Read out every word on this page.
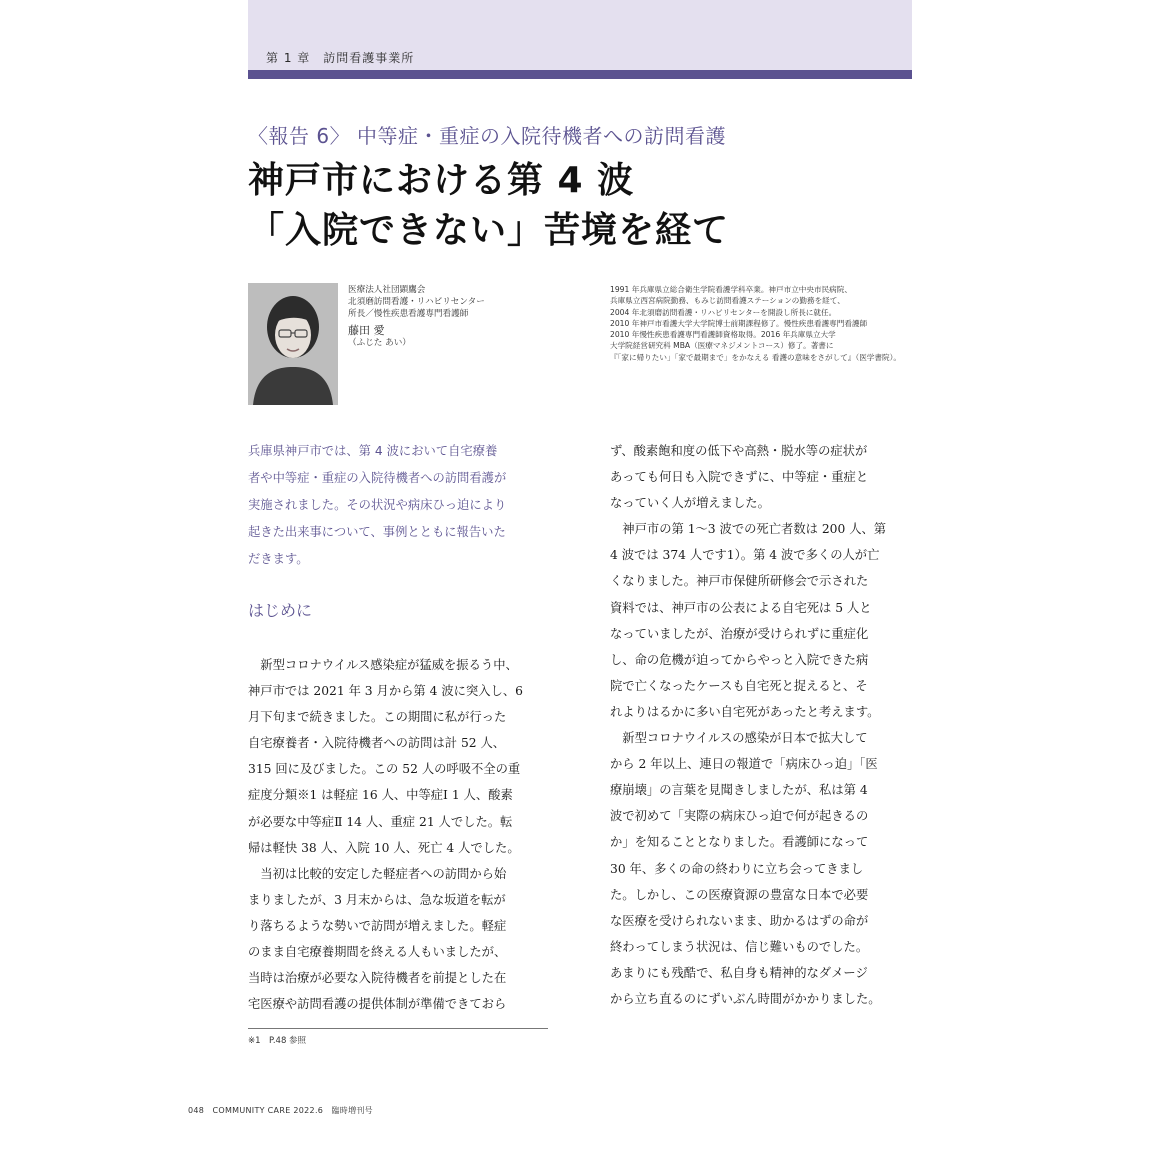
第 1 章　訪問看護事業所
〈報告 6〉 中等症・重症の入院待機者への訪問看護
神戸市における第 4 波
「入院できない」苦境を経て
医療法人社団顕鷹会
北須磨訪問看護・リハビリセンター
所長／慢性疾患看護専門看護師
藤田 愛
（ふじた あい）
1991 年兵庫県立総合衛生学院看護学科卒業。神戸市立中央市民病院、
兵庫県立西宮病院勤務、もみじ訪問看護ステーションの勤務を経て、
2004 年北須磨訪問看護・リハビリセンターを開設し所長に就任。
2010 年神戸市看護大学大学院博士前期課程修了。慢性疾患看護専門看護師
2010 年慢性疾患看護専門看護師資格取得。2016 年兵庫県立大学
大学院経営研究科 MBA（医療マネジメントコース）修了。著書に
『「家に帰りたい」「家で最期まで」をかなえる 看護の意味をさがして』（医学書院）。
兵庫県神戸市では、第 4 波において自宅療養
者や中等症・重症の入院待機者への訪問看護が
実施されました。その状況や病床ひっ迫により
起きた出来事について、事例とともに報告いた
だきます。
はじめに
　新型コロナウイルス感染症が猛威を振るう中、
神戸市では 2021 年 3 月から第 4 波に突入し、6
月下旬まで続きました。この期間に私が行った
自宅療養者・入院待機者への訪問は計 52 人、
315 回に及びました。この 52 人の呼吸不全の重
症度分類※1 は軽症 16 人、中等症Ⅰ 1 人、酸素
が必要な中等症Ⅱ 14 人、重症 21 人でした。転
帰は軽快 38 人、入院 10 人、死亡 4 人でした。
　当初は比較的安定した軽症者への訪問から始
まりましたが、3 月末からは、急な坂道を転が
り落ちるような勢いで訪問が増えました。軽症
のまま自宅療養期間を終える人もいましたが、
当時は治療が必要な入院待機者を前提とした在
宅医療や訪問看護の提供体制が準備できておら
ず、酸素飽和度の低下や高熱・脱水等の症状が
あっても何日も入院できずに、中等症・重症と
なっていく人が増えました。
　神戸市の第 1〜3 波での死亡者数は 200 人、第
4 波では 374 人です1）。第 4 波で多くの人が亡
くなりました。神戸市保健所研修会で示された
資料では、神戸市の公表による自宅死は 5 人と
なっていましたが、治療が受けられずに重症化
し、命の危機が迫ってからやっと入院できた病
院で亡くなったケースも自宅死と捉えると、そ
れよりはるかに多い自宅死があったと考えます。
　新型コロナウイルスの感染が日本で拡大して
から 2 年以上、連日の報道で「病床ひっ迫」「医
療崩壊」の言葉を見聞きしましたが、私は第 4
波で初めて「実際の病床ひっ迫で何が起きるの
か」を知ることとなりました。看護師になって
30 年、多くの命の終わりに立ち会ってきまし
た。しかし、この医療資源の豊富な日本で必要
な医療を受けられないまま、助かるはずの命が
終わってしまう状況は、信じ難いものでした。
あまりにも残酷で、私自身も精神的なダメージ
から立ち直るのにずいぶん時間がかかりました。
※1　P.48 参照
048　COMMUNITY CARE 2022.6　臨時増刊号
